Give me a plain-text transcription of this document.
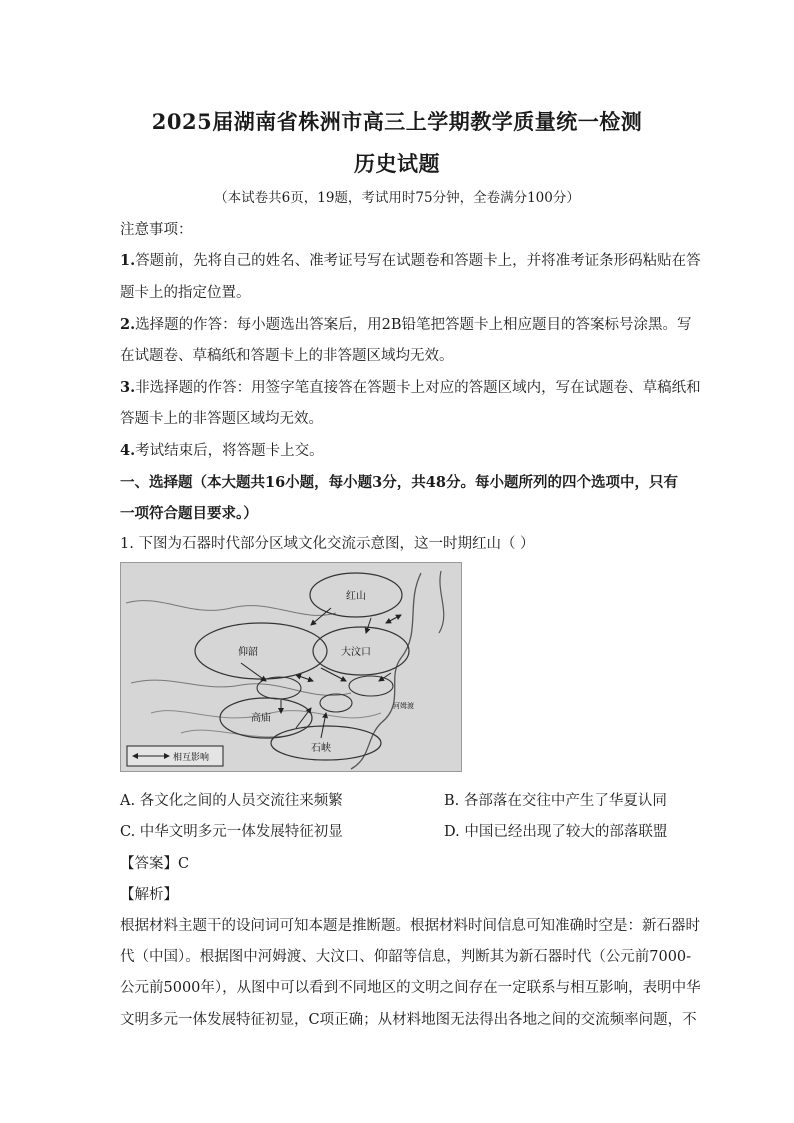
2025届湖南省株洲市高三上学期教学质量统一检测
历史试题
（本试卷共6页，19题，考试用时75分钟，全卷满分100分）
注意事项：
1.答题前，先将自己的姓名、准考证号写在试题卷和答题卡上，并将准考证条形码粘贴在答
题卡上的指定位置。
2.选择题的作答：每小题选出答案后，用2B铅笔把答题卡上相应题目的答案标号涂黑。写
在试题卷、草稿纸和答题卡上的非答题区域均无效。
3.非选择题的作答：用签字笔直接答在答题卡上对应的答题区域内，写在试题卷、草稿纸和
答题卡上的非答题区域均无效。
4.考试结束后，将答题卡上交。
一、选择题（本大题共16小题，每小题3分，共48分。每小题所列的四个选项中，只有
一项符合题目要求。）
1. 下图为石器时代部分区域文化交流示意图，这一时期红山（ ）
红山
仰韶	大汶口
高庙
石峡
河姆渡
相互影响
A. 各文化之间的人员交流往来频繁	B. 各部落在交往中产生了华夏认同
C. 中华文明多元一体发展特征初显	D. 中国已经出现了较大的部落联盟
【答案】C
【解析】
根据材料主题干的设问词可知本题是推断题。根据材料时间信息可知准确时空是：新石器时
代（中国）。根据图中河姆渡、大汶口、仰韶等信息，判断其为新石器时代（公元前7000-
公元前5000年），从图中可以看到不同地区的文明之间存在一定联系与相互影响，表明中华
文明多元一体发展特征初显，C项正确；从材料地图无法得出各地之间的交流频率问题，不
